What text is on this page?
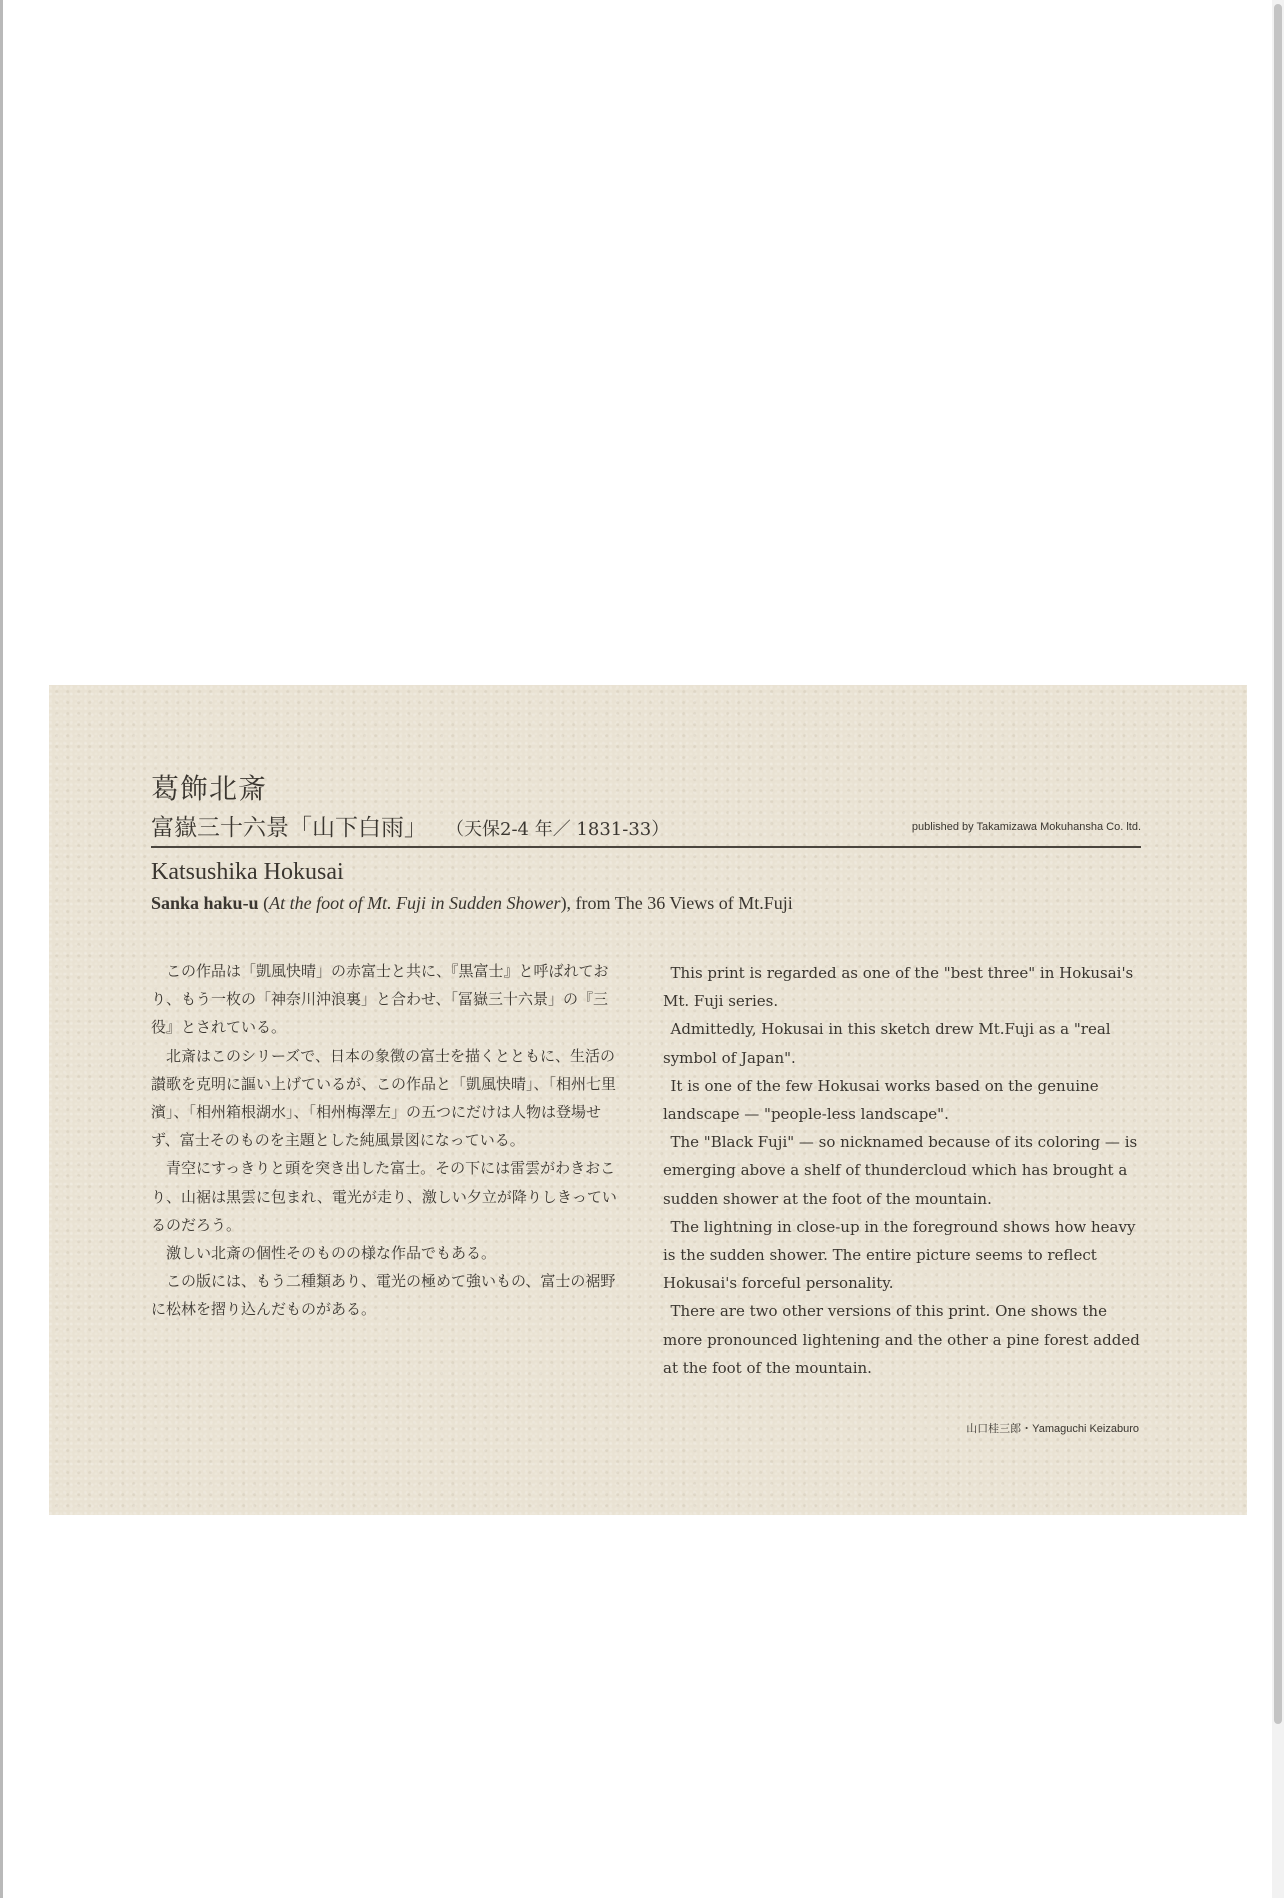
葛飾北斎
富嶽三十六景「山下白雨」 （天保2-4 年／ 1831-33）	published by Takamizawa Mokuhansha Co. ltd.
Katsushika Hokusai
Sanka haku-u (At the foot of Mt. Fuji in Sudden Shower), from The 36 Views of Mt.Fuji

この作品は「凱風快晴」の赤富士と共に、『黒富士』と呼ばれており、もう一枚の「神奈川沖浪裏」と合わせ、「冨嶽三十六景」の『三役』とされている。

北斎はこのシリーズで、日本の象徴の富士を描くとともに、生活の讃歌を克明に謳い上げているが、この作品と「凱風快晴」、「相州七里濱」、「相州箱根湖水」、「相州梅澤左」の五つにだけは人物は登場せず、富士そのものを主題とした純風景図になっている。

青空にすっきりと頭を突き出した富士。その下には雷雲がわきおこり、山裾は黒雲に包まれ、電光が走り、激しい夕立が降りしきっているのだろう。

激しい北斎の個性そのものの様な作品でもある。

この版には、もう二種類あり、電光の極めて強いもの、富士の裾野に松林を摺り込んだものがある。

This print is regarded as one of the "best three" in Hokusai's Mt. Fuji series.

Admittedly, Hokusai in this sketch drew Mt.Fuji as a "real symbol of Japan".

It is one of the few Hokusai works based on the genuine landscape — "people-less landscape".

The "Black Fuji" — so nicknamed because of its coloring — is emerging above a shelf of thundercloud which has brought a sudden shower at the foot of the mountain.

The lightning in close-up in the foreground shows how heavy is the sudden shower. The entire picture seems to reflect Hokusai's forceful personality.

There are two other versions of this print. One shows the more pronounced lightening and the other a pine forest added at the foot of the mountain.

山口桂三郎・Yamaguchi Keizaburo
